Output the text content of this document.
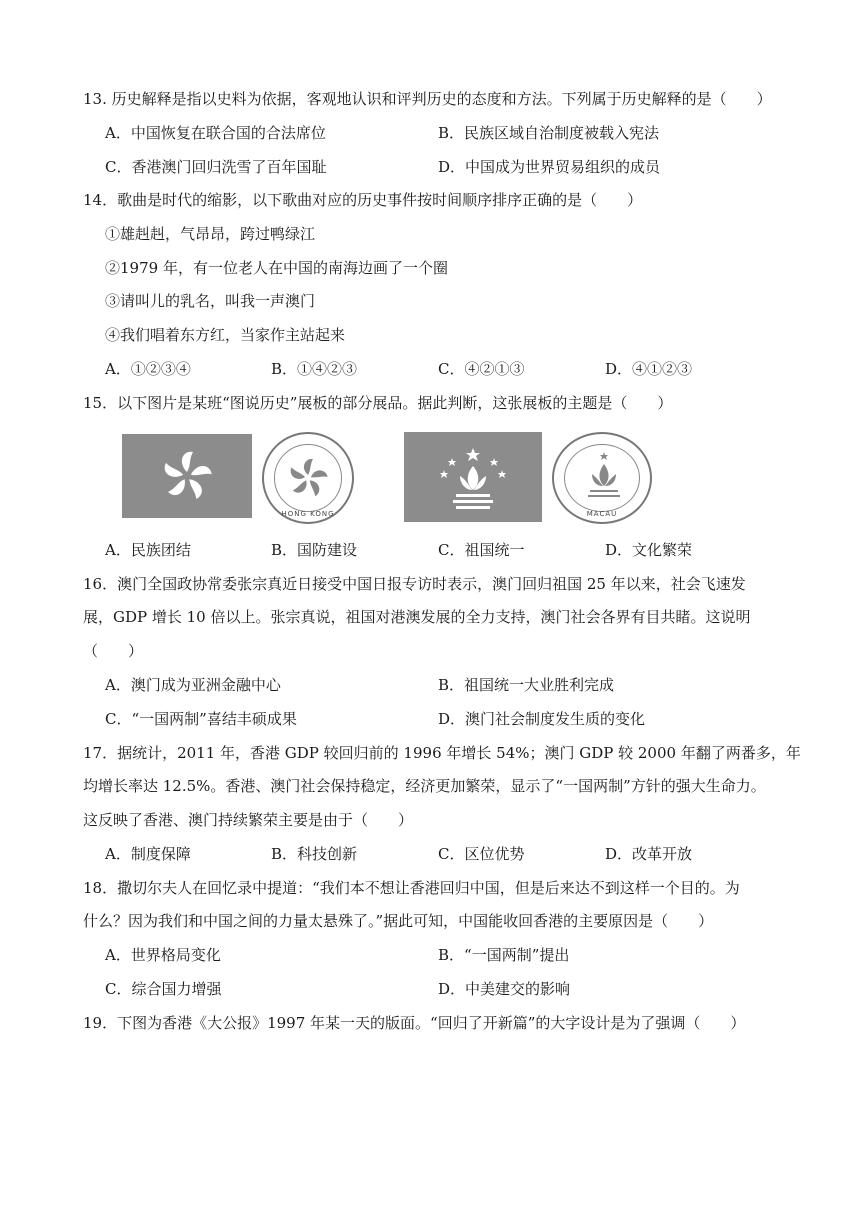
13. 历史解释是指以史料为依据，客观地认识和评判历史的态度和方法。下列属于历史解释的是（　　）
A．中国恢复在联合国的合法席位	B．民族区域自治制度被载入宪法
C．香港澳门回归洗雪了百年国耻	D．中国成为世界贸易组织的成员
14．歌曲是时代的缩影，以下歌曲对应的历史事件按时间顺序排序正确的是（　　）
①雄赳赳，气昂昂，跨过鸭绿江
②1979 年，有一位老人在中国的南海边画了一个圈
③请叫儿的乳名，叫我一声澳门
④我们唱着东方红，当家作主站起来
A．①②③④	B．①④②③	C．④②①③	D．④①②③
15．以下图片是某班“图说历史”展板的部分展品。据此判断，这张展板的主题是（　　）
HONG KONG	MACAU
A．民族团结	B．国防建设	C．祖国统一	D．文化繁荣
16．澳门全国政协常委张宗真近日接受中国日报专访时表示，澳门回归祖国 25 年以来，社会飞速发
展，GDP 增长 10 倍以上。张宗真说，祖国对港澳发展的全力支持，澳门社会各界有目共睹。这说明
（　　）
A．澳门成为亚洲金融中心	B．祖国统一大业胜利完成
C．“一国两制”喜结丰硕成果	D．澳门社会制度发生质的变化
17．据统计，2011 年，香港 GDP 较回归前的 1996 年增长 54%；澳门 GDP 较 2000 年翻了两番多，年
均增长率达 12.5%。香港、澳门社会保持稳定，经济更加繁荣，显示了“一国两制”方针的强大生命力。
这反映了香港、澳门持续繁荣主要是由于（　　）
A．制度保障	B．科技创新	C．区位优势	D．改革开放
18．撒切尔夫人在回忆录中提道：“我们本不想让香港回归中国，但是后来达不到这样一个目的。为
什么？因为我们和中国之间的力量太悬殊了。”据此可知，中国能收回香港的主要原因是（　　）
A．世界格局变化	B．“一国两制”提出
C．综合国力增强	D．中美建交的影响
19．下图为香港《大公报》1997 年某一天的版面。“回归了开新篇”的大字设计是为了强调（　　）
